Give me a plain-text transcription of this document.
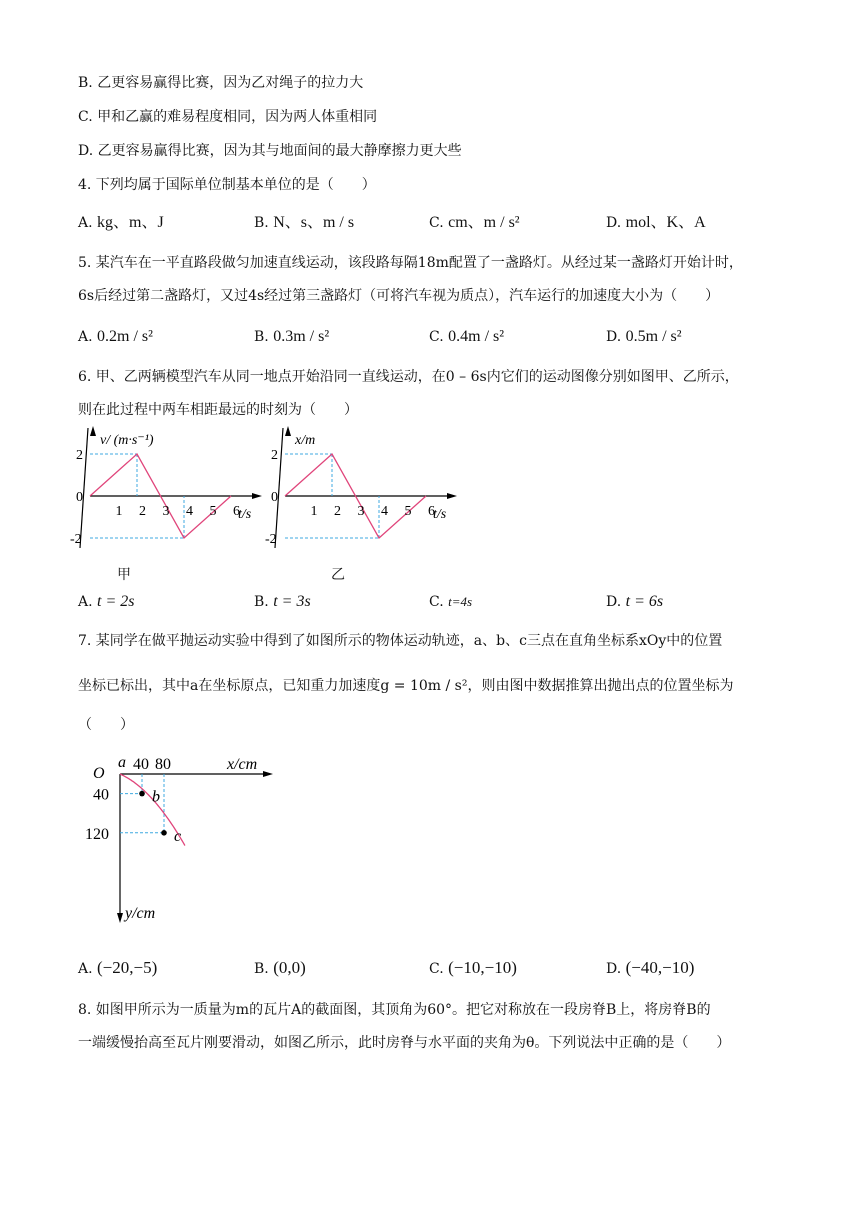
B. 乙更容易赢得比赛，因为乙对绳子的拉力大
C. 甲和乙赢的难易程度相同，因为两人体重相同
D. 乙更容易赢得比赛，因为其与地面间的最大静摩擦力更大些
4. 下列均属于国际单位制基本单位的是（　　）
A. kg、m、J	B. N、s、m / s	C. cm、m / s²	D. mol、K、A
5. 某汽车在一平直路段做匀加速直线运动，该段路每隔18m配置了一盏路灯。从经过某一盏路灯开始计时，
6s后经过第二盏路灯，又过4s经过第三盏路灯（可将汽车视为质点），汽车运行的加速度大小为（　　）
A. 0.2m / s²	B. 0.3m / s²	C. 0.4m / s²	D. 0.5m / s²
6. 甲、乙两辆模型汽车从同一地点开始沿同一直线运动，在0 – 6s内它们的运动图像分别如图甲、乙所示，
则在此过程中两车相距最远的时刻为（　　）
1 2 3 4 5 6
0
2
-2
v/ (m·s⁻¹)
t/s
甲
1 2 3 4 5 6
0
2
-2
x/m
t/s
乙
A. t = 2s	B. t = 3s	C. t=4s	D. t = 6s
7. 某同学在做平抛运动实验中得到了如图所示的物体运动轨迹，a、b、c三点在直角坐标系xOy中的位置
坐标已标出，其中a在坐标原点，已知重力加速度g = 10m / s²，则由图中数据推算出抛出点的位置坐标为
（　　）
a
b
c
40 80
40
120
O
x/cm
y/cm
A. (−20,−5)	B. (0,0)	C. (−10,−10)	D. (−40,−10)
8. 如图甲所示为一质量为m的瓦片A的截面图，其顶角为60°。把它对称放在一段房脊B上，将房脊B的
一端缓慢抬高至瓦片刚要滑动，如图乙所示，此时房脊与水平面的夹角为θ。下列说法中正确的是（　　）
